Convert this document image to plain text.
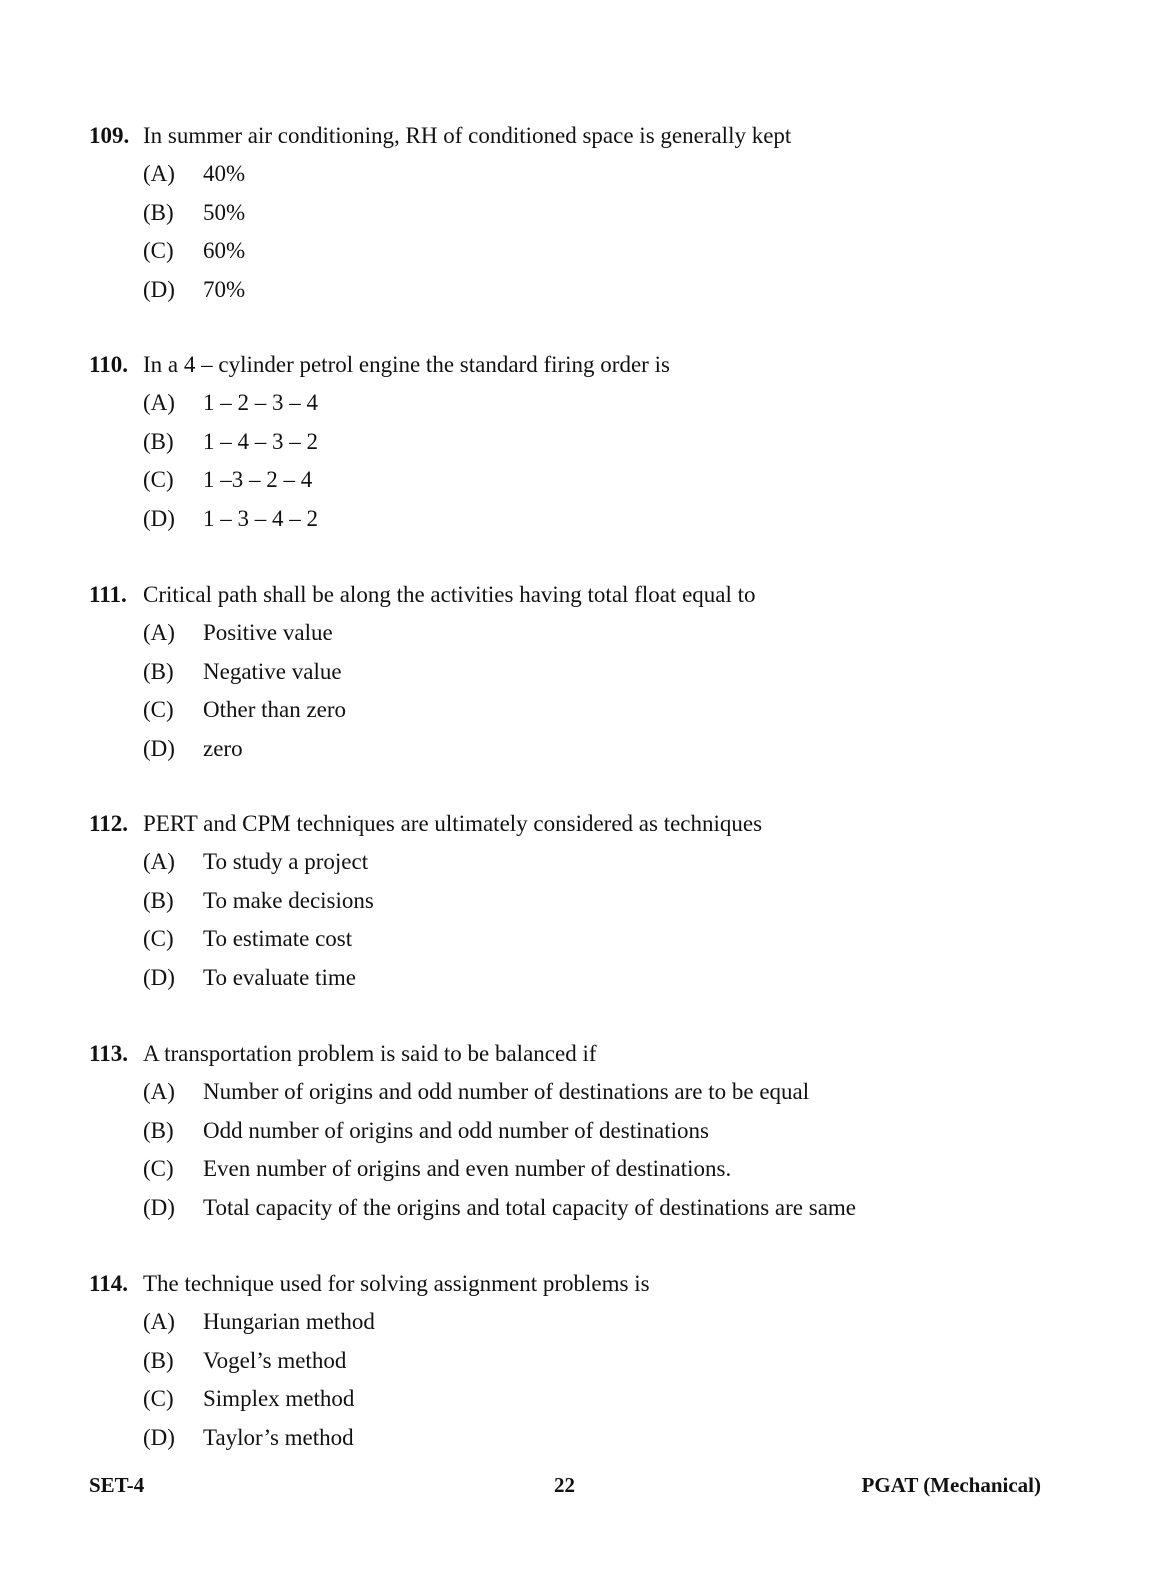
109. In summer air conditioning, RH of conditioned space is generally kept
(A) 40%
(B) 50%
(C) 60%
(D) 70%
110. In a 4 – cylinder petrol engine the standard firing order is
(A) 1 – 2 – 3 – 4
(B) 1 – 4 – 3 – 2
(C) 1 –3 – 2 – 4
(D) 1 – 3 – 4 – 2
111. Critical path shall be along the activities having total float equal to
(A) Positive value
(B) Negative value
(C) Other than zero
(D) zero
112. PERT and CPM techniques are ultimately considered as techniques
(A) To study a project
(B) To make decisions
(C) To estimate cost
(D) To evaluate time
113. A transportation problem is said to be balanced if
(A) Number of origins and odd number of destinations are to be equal
(B) Odd number of origins and odd number of destinations
(C) Even number of origins and even number of destinations.
(D) Total capacity of the origins and total capacity of destinations are same
114. The technique used for solving assignment problems is
(A) Hungarian method
(B) Vogel’s method
(C) Simplex method
(D) Taylor’s method
SET-4	22	PGAT (Mechanical)
